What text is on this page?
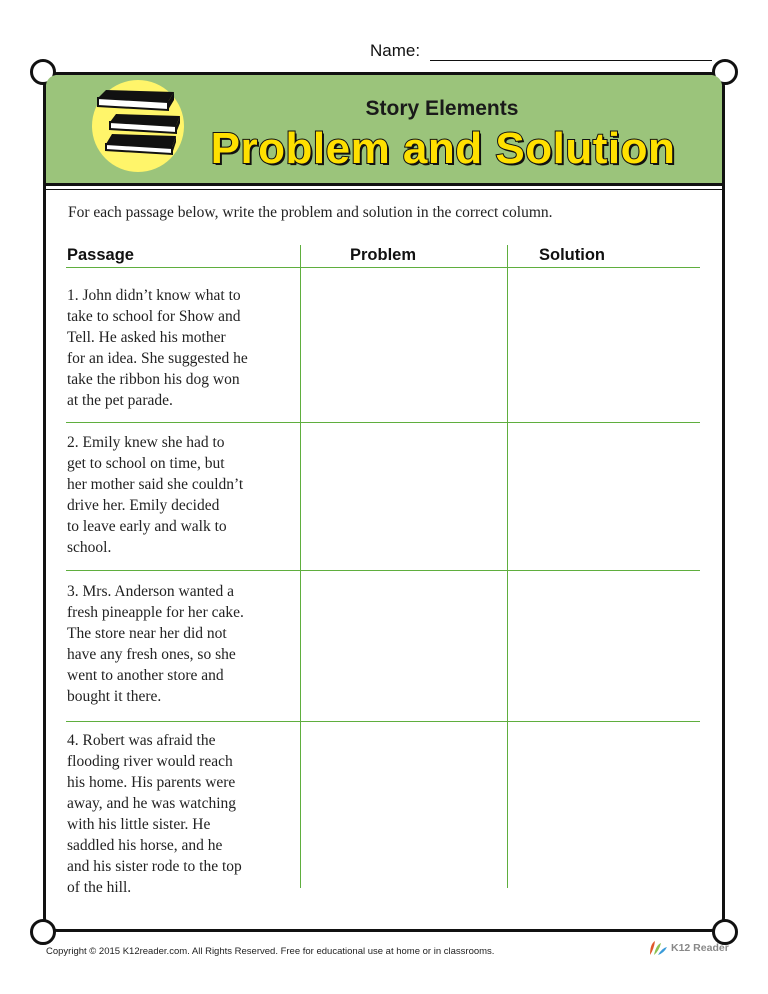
Name:
Story Elements
Problem and Solution
For each passage below, write the problem and solution in the correct column.
Passage	Problem	Solution
1. John didn’t know what to
take to school for Show and
Tell. He asked his mother
for an idea. She suggested he
take the ribbon his dog won
at the pet parade.
2. Emily knew she had to
get to school on time, but
her mother said she couldn’t
drive her. Emily decided
to leave early and walk to
school.
3. Mrs. Anderson wanted a
fresh pineapple for her cake.
The store near her did not
have any fresh ones, so she
went to another store and
bought it there.
4. Robert was afraid the
flooding river would reach
his home. His parents were
away, and he was watching
with his little sister. He
saddled his horse, and he
and his sister rode to the top
of the hill.
Copyright © 2015 K12reader.com. All Rights Reserved. Free for educational use at home or in classrooms.	K12 Reader
